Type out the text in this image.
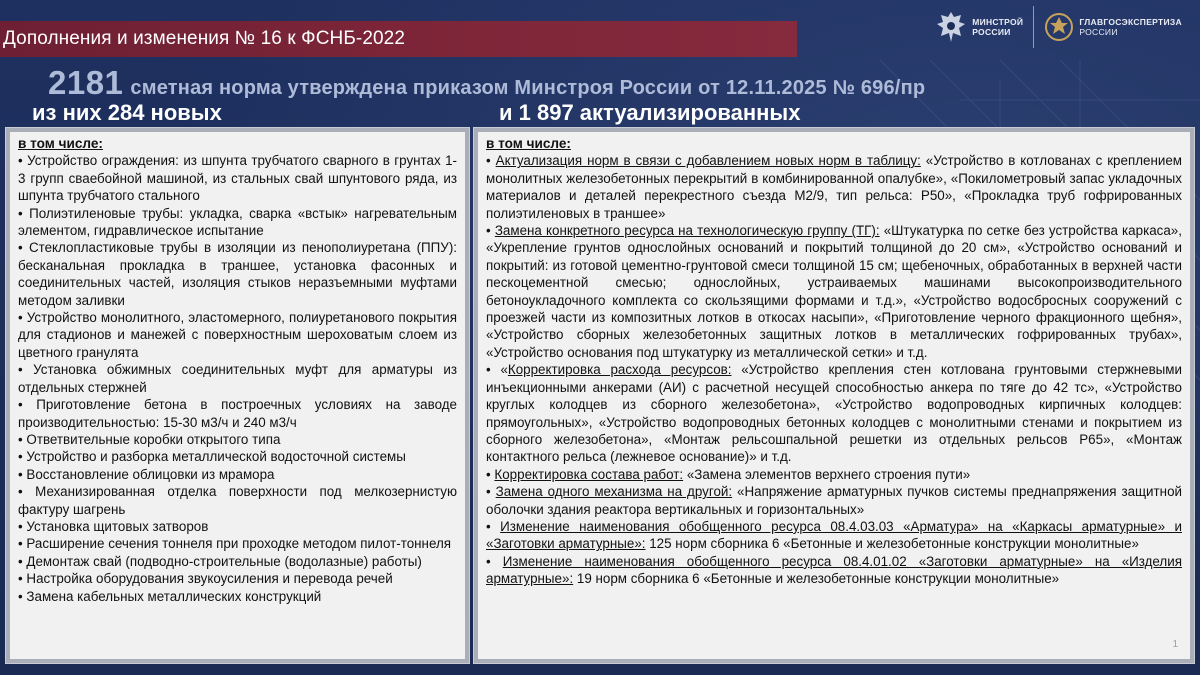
Дополнения и изменения № 16 к ФСНБ-2022
МИНСТРОЙ
РОССИИ
ГЛАВГОСЭКСПЕРТИЗА
РОССИИ
2181 сметная норма утверждена приказом Минстроя России от 12.11.2025 № 696/пр
из них 284 новых	и 1 897 актуализированных
в том числе:

• Устройство ограждения: из шпунта трубчатого сварного в грунтах 1-3 групп сваебойной машиной, из стальных свай шпунтового ряда, из шпунта трубчатого стального

• Полиэтиленовые трубы: укладка, сварка «встык» нагревательным элементом, гидравлическое испытание

• Стеклопластиковые трубы в изоляции из пенополиуретана (ППУ): бесканальная прокладка в траншее, установка фасонных и соединительных частей, изоляция стыков неразъемными муфтами методом заливки

• Устройство монолитного, эластомерного, полиуретанового покрытия для стадионов и манежей с поверхностным шероховатым слоем из цветного гранулята

• Установка обжимных соединительных муфт для арматуры из отдельных стержней

• Приготовление бетона в построечных условиях на заводе производительностью: 15-30 м3/ч и 240 м3/ч

• Ответвительные коробки открытого типа

• Устройство и разборка металлической водосточной системы

• Восстановление облицовки из мрамора

• Механизированная отделка поверхности под мелкозернистую фактуру шагрень

• Установка щитовых затворов

• Расширение сечения тоннеля при проходке методом пилот-тоннеля

• Демонтаж свай (подводно-строительные (водолазные) работы)

• Настройка оборудования звукоусиления и перевода речей

• Замена кабельных металлических конструкций

в том числе:

• Актуализация норм в связи с добавлением новых норм в таблицу: «Устройство в котлованах с креплением монолитных железобетонных перекрытий в комбинированной опалубке», «Покилометровый запас укладочных материалов и деталей перекрестного съезда М2/9, тип рельса: Р50», «Прокладка труб гофрированных полиэтиленовых в траншее»

• Замена конкретного ресурса на технологическую группу (ТГ): «Штукатурка по сетке без устройства каркаса», «Укрепление грунтов однослойных оснований и покрытий толщиной до 20 см», «Устройство оснований и покрытий: из готовой цементно-грунтовой смеси толщиной 15 см; щебеночных, обработанных в верхней части пескоцементной смесью; однослойных, устраиваемых машинами высокопроизводительного бетоноукладочного комплекта со скользящими формами и т.д.», «Устройство водосбросных сооружений с проезжей части из композитных лотков в откосах насыпи», «Приготовление черного фракционного щебня», «Устройство сборных железобетонных защитных лотков в металлических гофрированных трубах», «Устройство основания под штукатурку из металлической сетки» и т.д.

• «Корректировка расхода ресурсов: «Устройство крепления стен котлована грунтовыми стержневыми инъекционными анкерами (АИ) с расчетной несущей способностью анкера по тяге до 42 тс», «Устройство круглых колодцев из сборного железобетона», «Устройство водопроводных кирпичных колодцев: прямоугольных», «Устройство водопроводных бетонных колодцев с монолитными стенами и покрытием из сборного железобетона», «Монтаж рельсошпальной решетки из отдельных рельсов Р65», «Монтаж контактного рельса (лежневое основание)» и т.д.

• Корректировка состава работ: «Замена элементов верхнего строения пути»

• Замена одного механизма на другой: «Напряжение арматурных пучков системы преднапряжения защитной оболочки здания реактора вертикальных и горизонтальных»

• Изменение наименования обобщенного ресурса 08.4.03.03 «Арматура» на «Каркасы арматурные» и «Заготовки арматурные»: 125 норм сборника 6 «Бетонные и железобетонные конструкции монолитные»

• Изменение наименования обобщенного ресурса 08.4.01.02 «Заготовки арматурные» на «Изделия арматурные»: 19 норм сборника 6 «Бетонные и железобетонные конструкции монолитные»

1
